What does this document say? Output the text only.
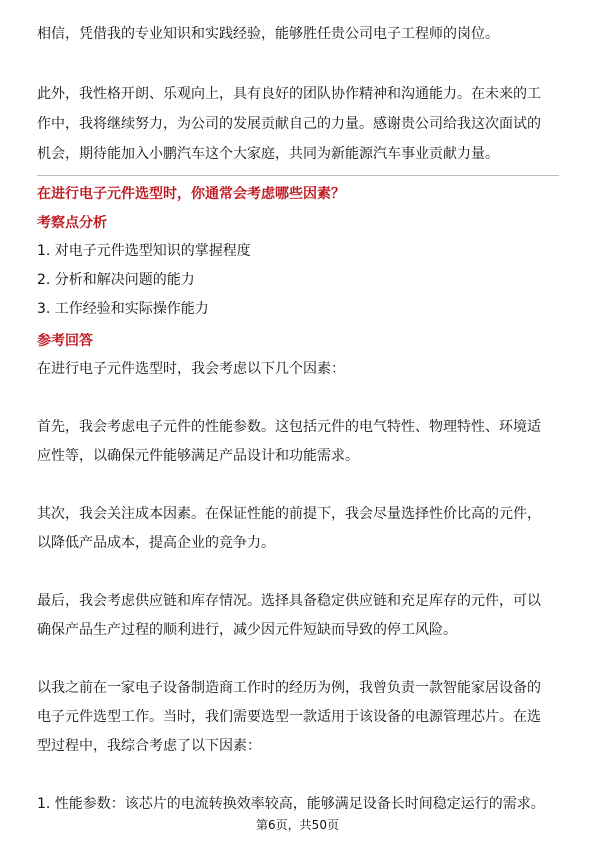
相信，凭借我的专业知识和实践经验，能够胜任贵公司电子工程师的岗位。
此外，我性格开朗、乐观向上，具有良好的团队协作精神和沟通能力。在未来的工
作中，我将继续努力，为公司的发展贡献自己的力量。感谢贵公司给我这次面试的
机会，期待能加入小鹏汽车这个大家庭，共同为新能源汽车事业贡献力量。
在进行电子元件选型时，你通常会考虑哪些因素？
考察点分析
1. 对电子元件选型知识的掌握程度
2. 分析和解决问题的能力
3. 工作经验和实际操作能力
参考回答
在进行电子元件选型时，我会考虑以下几个因素：
首先，我会考虑电子元件的性能参数。这包括元件的电气特性、物理特性、环境适
应性等，以确保元件能够满足产品设计和功能需求。
其次，我会关注成本因素。在保证性能的前提下，我会尽量选择性价比高的元件，
以降低产品成本，提高企业的竞争力。
最后，我会考虑供应链和库存情况。选择具备稳定供应链和充足库存的元件，可以
确保产品生产过程的顺利进行，减少因元件短缺而导致的停工风险。
以我之前在一家电子设备制造商工作时的经历为例，我曾负责一款智能家居设备的
电子元件选型工作。当时，我们需要选型一款适用于该设备的电源管理芯片。在选
型过程中，我综合考虑了以下因素：
1. 性能参数：该芯片的电流转换效率较高，能够满足设备长时间稳定运行的需求。
第6页，共50页
